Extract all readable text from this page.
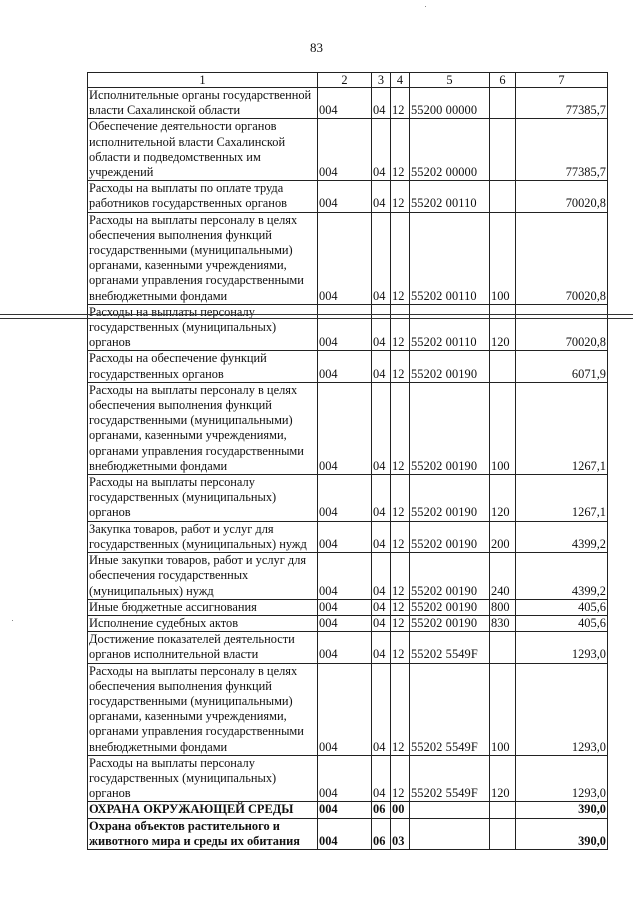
83
1	2	3	4	5	6	7
Исполнительные органы государственной власти Сахалинской области	004	04	12	55200 00000		77385,7
Обеспечение деятельности органов исполнительной власти Сахалинской области и подведомственных им учреждений	004	04	12	55202 00000		77385,7
Расходы на выплаты по оплате труда работников государственных органов	004	04	12	55202 00110		70020,8
Расходы на выплаты персоналу в целях обеспечения выполнения функций государственными (муниципальными) органами, казенными учреждениями, органами управления государственными внебюджетными фондами	004	04	12	55202 00110	100	70020,8
Расходы на выплаты персоналу государственных (муниципальных) органов	004	04	12	55202 00110	120	70020,8
Расходы на обеспечение функций государственных органов	004	04	12	55202 00190		6071,9
Расходы на выплаты персоналу в целях обеспечения выполнения функций государственными (муниципальными) органами, казенными учреждениями, органами управления государственными внебюджетными фондами	004	04	12	55202 00190	100	1267,1
Расходы на выплаты персоналу государственных (муниципальных) органов	004	04	12	55202 00190	120	1267,1
Закупка товаров, работ и услуг для государственных (муниципальных) нужд	004	04	12	55202 00190	200	4399,2
Иные закупки товаров, работ и услуг для обеспечения государственных (муниципальных) нужд	004	04	12	55202 00190	240	4399,2
Иные бюджетные ассигнования	004	04	12	55202 00190	800	405,6
Исполнение судебных актов	004	04	12	55202 00190	830	405,6
Достижение показателей деятельности органов исполнительной власти	004	04	12	55202 5549F		1293,0
Расходы на выплаты персоналу в целях обеспечения выполнения функций государственными (муниципальными) органами, казенными учреждениями, органами управления государственными внебюджетными фондами	004	04	12	55202 5549F	100	1293,0
Расходы на выплаты персоналу государственных (муниципальных) органов	004	04	12	55202 5549F	120	1293,0
ОХРАНА ОКРУЖАЮЩЕЙ СРЕДЫ	004	06	00			390,0
Охрана объектов растительного и животного мира и среды их обитания	004	06	03			390,0
